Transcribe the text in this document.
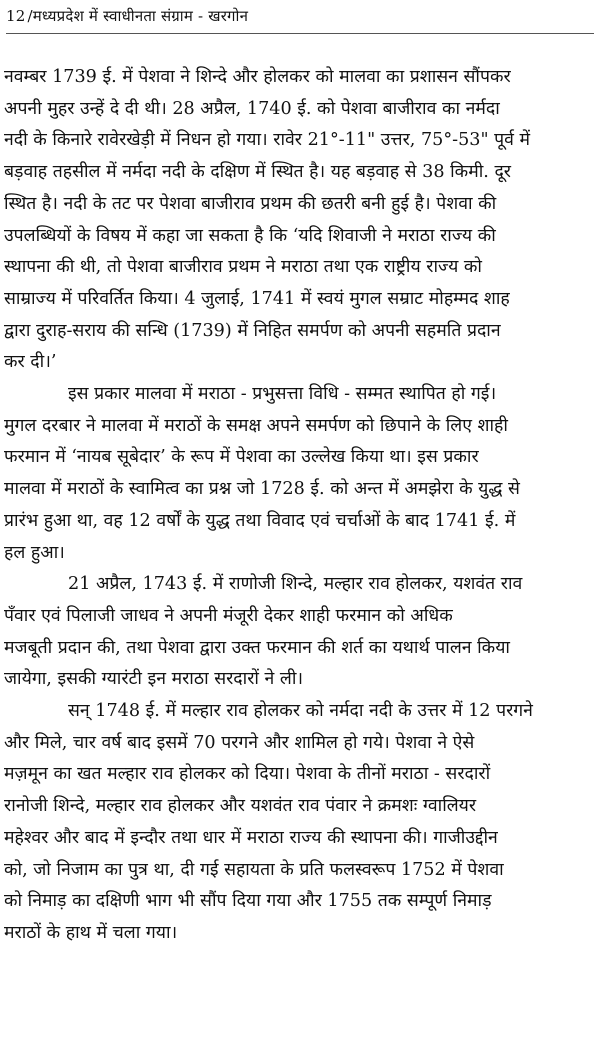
12 /मध्यप्रदेश में स्वाधीनता संग्राम - खरगोन

नवम्बर 1739 ई. में पेशवा ने शिन्दे और होलकर को मालवा का प्रशासन सौंपकर
अपनी मुहर उन्हें दे दी थी। 28 अप्रैल, 1740 ई. को पेशवा बाजीराव का नर्मदा
नदी के किनारे रावेरखेड़ी में निधन हो गया। रावेर 21°-11" उत्तर, 75°-53" पूर्व में
बड़वाह तहसील में नर्मदा नदी के दक्षिण में स्थित है। यह बड़वाह से 38 किमी. दूर
स्थित है। नदी के तट पर पेशवा बाजीराव प्रथम की छतरी बनी हुई है। पेशवा की
उपलब्धियों के विषय में कहा जा सकता है कि ‘यदि शिवाजी ने मराठा राज्य की
स्थापना की थी, तो पेशवा बाजीराव प्रथम ने मराठा तथा एक राष्ट्रीय राज्य को
साम्राज्य में परिवर्तित किया। 4 जुलाई, 1741 में स्वयं मुगल सम्राट मोहम्मद शाह
द्वारा दुराह-सराय की सन्धि (1739) में निहित समर्पण को अपनी सहमति प्रदान
कर दी।’

इस प्रकार मालवा में मराठा - प्रभुसत्ता विधि - सम्मत स्थापित हो गई।
मुगल दरबार ने मालवा में मराठों के समक्ष अपने समर्पण को छिपाने के लिए शाही
फरमान में ‘नायब सूबेदार’ के रूप में पेशवा का उल्लेख किया था। इस प्रकार
मालवा में मराठों के स्वामित्व का प्रश्न जो 1728 ई. को अन्त में अमझेरा के युद्ध से
प्रारंभ हुआ था, वह 12 वर्षों के युद्ध तथा विवाद एवं चर्चाओं के बाद 1741 ई. में
हल हुआ।

21 अप्रैल, 1743 ई. में राणोजी शिन्दे, मल्हार राव होलकर, यशवंत राव
पँवार एवं पिलाजी जाधव ने अपनी मंजूरी देकर शाही फरमान को अधिक
मजबूती प्रदान की, तथा पेशवा द्वारा उक्त फरमान की शर्त का यथार्थ पालन किया
जायेगा, इसकी ग्यारंटी इन मराठा सरदारों ने ली।

सन् 1748 ई. में मल्हार राव होलकर को नर्मदा नदी के उत्तर में 12 परगने
और मिले, चार वर्ष बाद इसमें 70 परगने और शामिल हो गये। पेशवा ने ऐसे
मज़मून का खत मल्हार राव होलकर को दिया। पेशवा के तीनों मराठा - सरदारों
रानोजी शिन्दे, मल्हार राव होलकर और यशवंत राव पंवार ने क्रमशः ग्वालियर
महेश्वर और बाद में इन्दौर तथा धार में मराठा राज्य की स्थापना की। गाजीउद्दीन
को, जो निजाम का पुत्र था, दी गई सहायता के प्रति फलस्वरूप 1752 में पेशवा
को निमाड़ का दक्षिणी भाग भी सौंप दिया गया और 1755 तक सम्पूर्ण निमाड़
मराठों के हाथ में चला गया।
